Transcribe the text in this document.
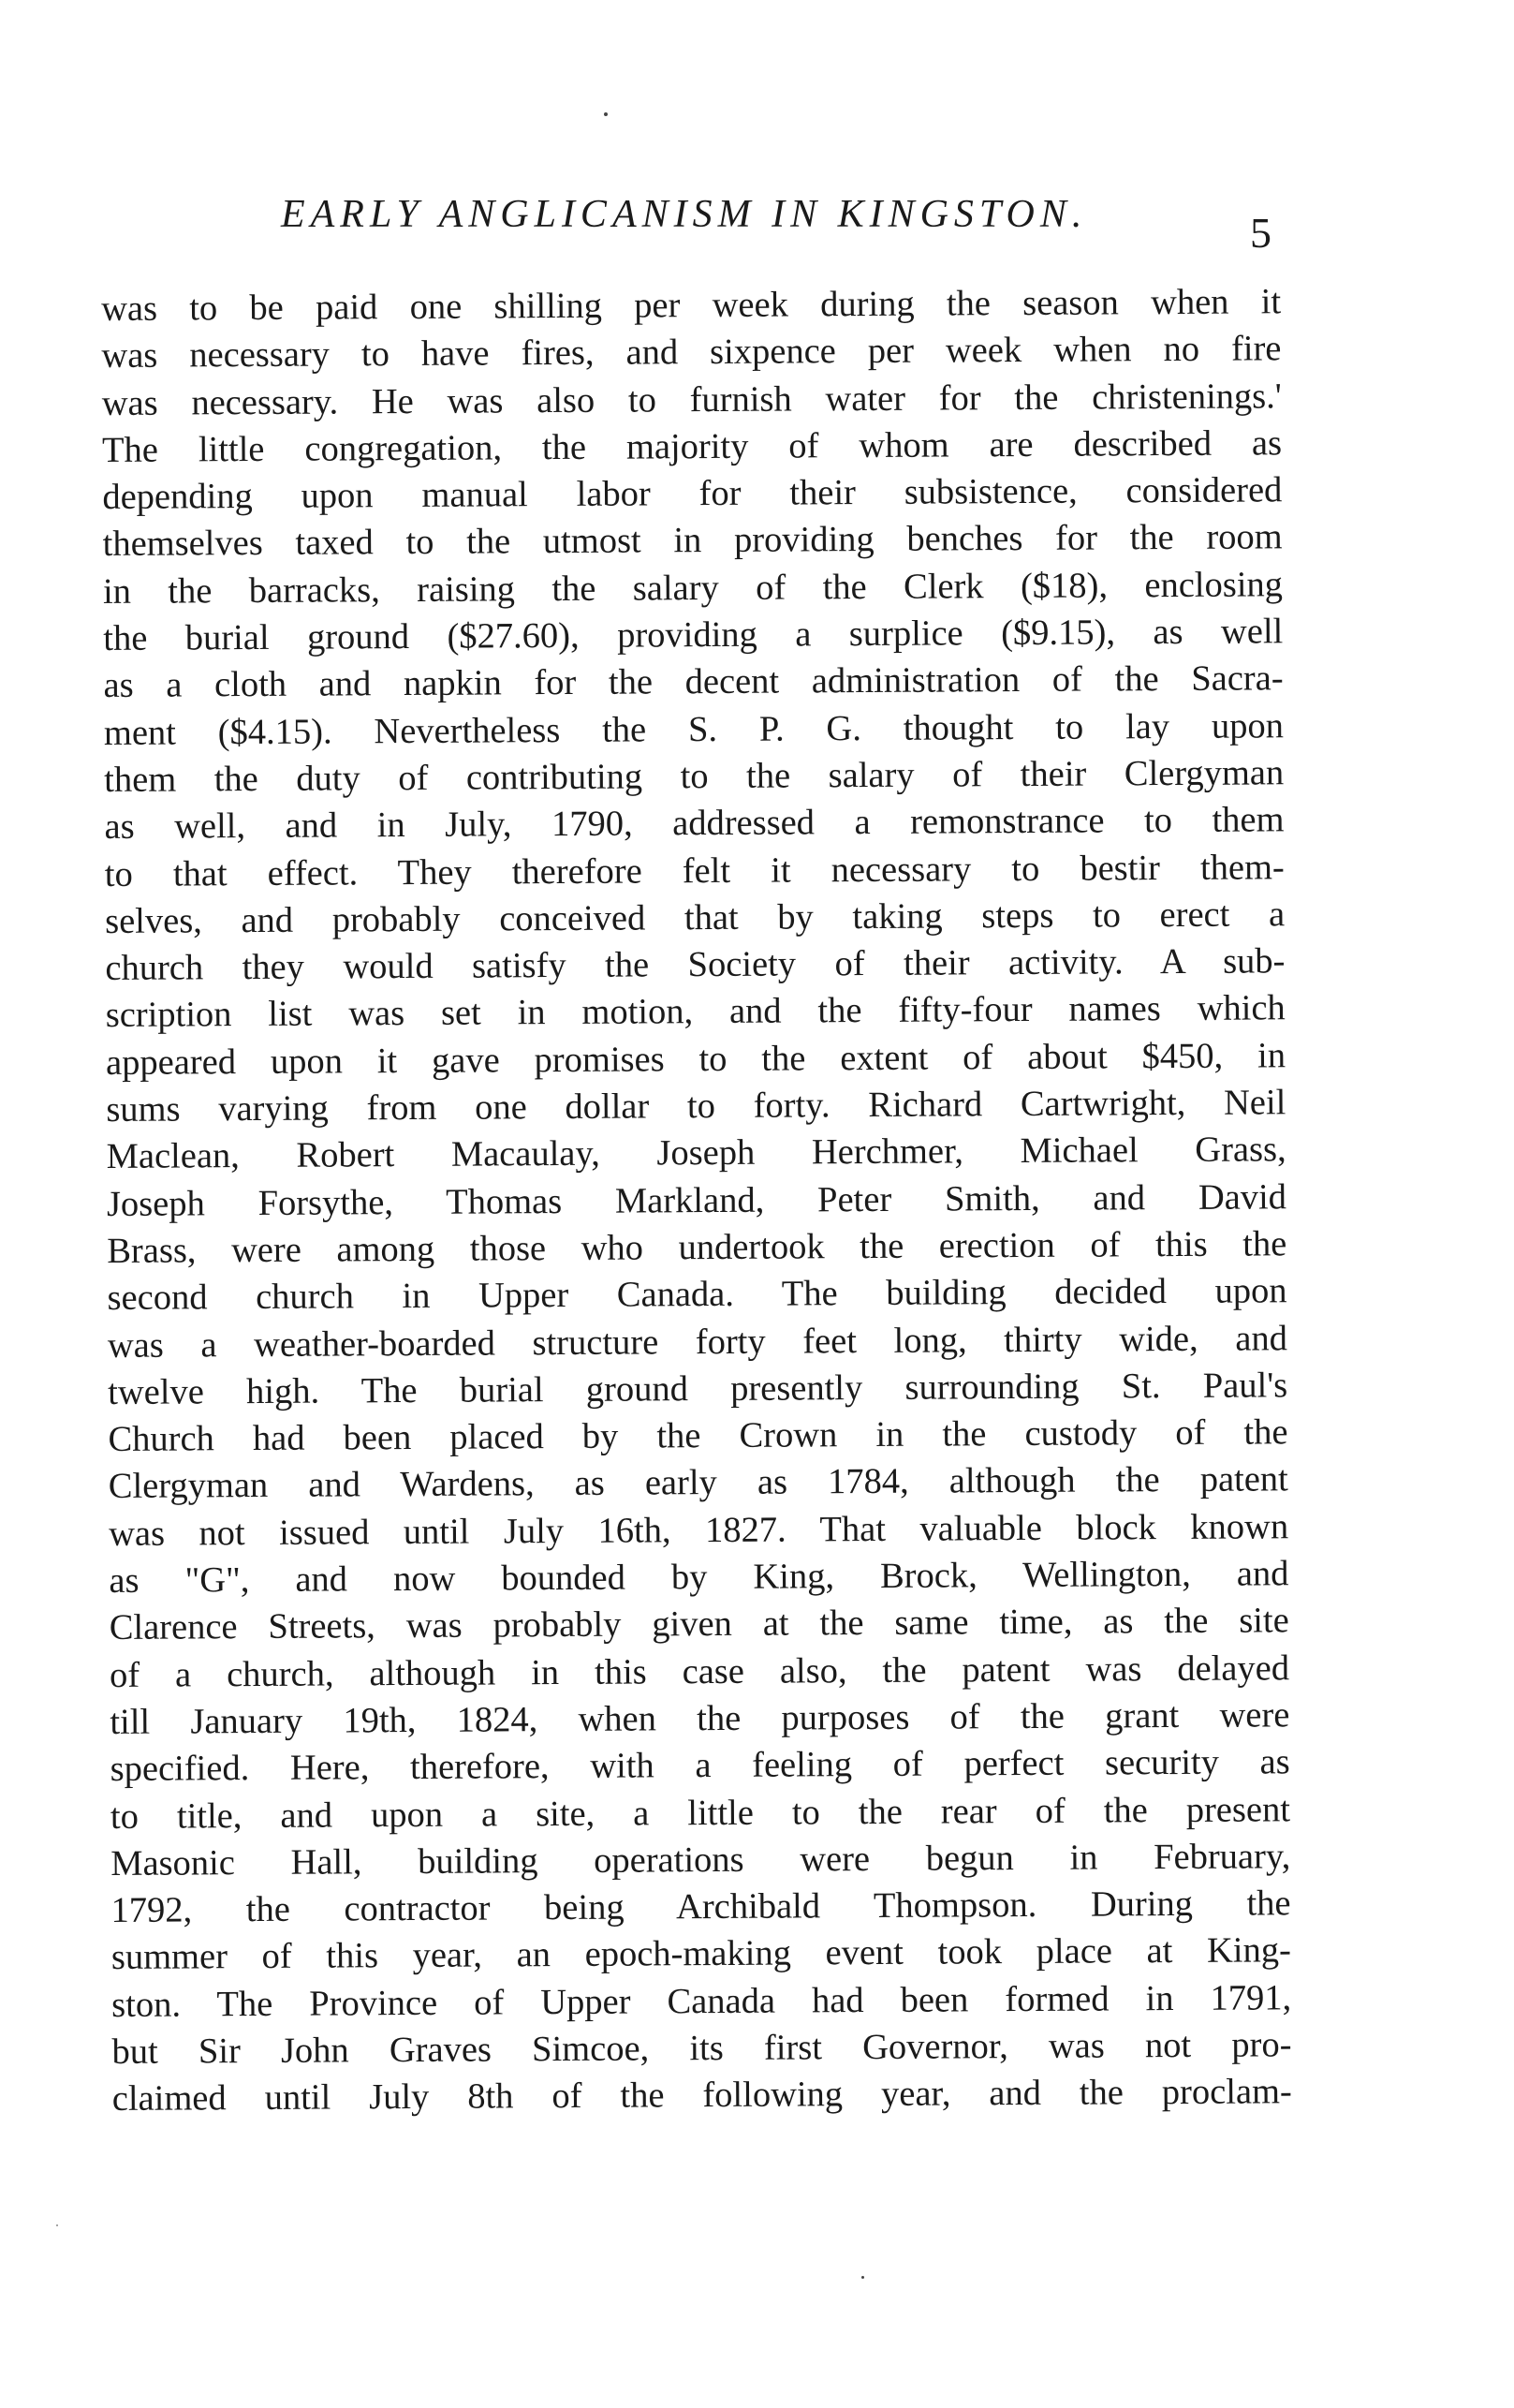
EARLY ANGLICANISM IN KINGSTON.	5
was to be paid one shilling per week during the season when it
was necessary to have fires, and sixpence per week when no fire
was necessary. He was also to furnish water for the christenings.'
The little congregation, the majority of whom are described as
depending upon manual labor for their subsistence, considered
themselves taxed to the utmost in providing benches for the room
in the barracks, raising the salary of the Clerk ($18), enclosing
the burial ground ($27.60), providing a surplice ($9.15), as well
as a cloth and napkin for the decent administration of the Sacra-
ment ($4.15). Nevertheless the S. P. G. thought to lay upon
them the duty of contributing to the salary of their Clergyman
as well, and in July, 1790, addressed a remonstrance to them
to that effect. They therefore felt it necessary to bestir them-
selves, and probably conceived that by taking steps to erect a
church they would satisfy the Society of their activity. A sub-
scription list was set in motion, and the fifty-four names which
appeared upon it gave promises to the extent of about $450, in
sums varying from one dollar to forty. Richard Cartwright, Neil
Maclean, Robert Macaulay, Joseph Herchmer, Michael Grass,
Joseph Forsythe, Thomas Markland, Peter Smith, and David
Brass, were among those who undertook the erection of this the
second church in Upper Canada. The building decided upon
was a weather-boarded structure forty feet long, thirty wide, and
twelve high. The burial ground presently surrounding St. Paul's
Church had been placed by the Crown in the custody of the
Clergyman and Wardens, as early as 1784, although the patent
was not issued until July 16th, 1827. That valuable block known
as "G", and now bounded by King, Brock, Wellington, and
Clarence Streets, was probably given at the same time, as the site
of a church, although in this case also, the patent was delayed
till January 19th, 1824, when the purposes of the grant were
specified. Here, therefore, with a feeling of perfect security as
to title, and upon a site, a little to the rear of the present
Masonic Hall, building operations were begun in February,
1792, the contractor being Archibald Thompson. During the
summer of this year, an epoch-making event took place at King-
ston. The Province of Upper Canada had been formed in 1791,
but Sir John Graves Simcoe, its first Governor, was not pro-
claimed until July 8th of the following year, and the proclam-
